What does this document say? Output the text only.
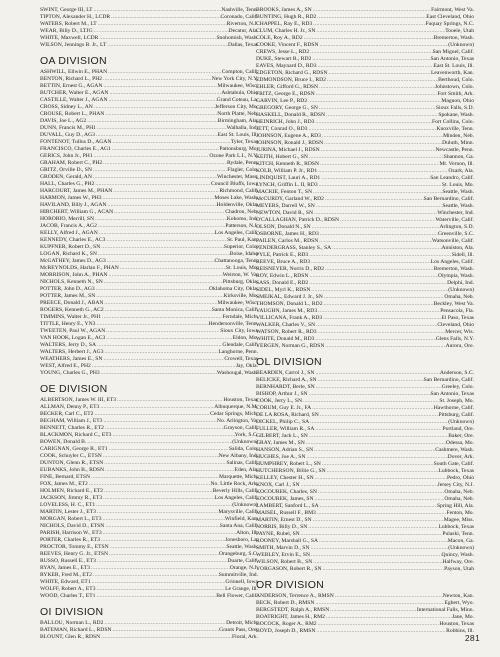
SWINT, George III, LT .....	Nashville, Tenn.
TIPTON, Alexander H., LCDR .....	Coronado, Calif.
WATERS, Robert M., LT .....	Riverton, N.J.
WEAR, Billy D., LTJG .....	Decatur, Ala.
WHITE, Maxwell, LCDR .....	Snohomish, Wash.
WILSON, Jennings B. Jr., LT .....	Dallas, Texas
OA DIVISION
ASHWILL, Ellwin E., PHAN .....	Compton, Calif.
BENTON, Richard L., PH2 .....	New York City, N.Y.
BETTIN, Ernest G., AGAN .....	Milwaukee, Wisc.
BUTCHER, Walter E., AGAN .....	Ashtabula, Ohio
CASTILLE, Walter J., AGAN .....	Grand Coteau, La.
CROSS, Sidney L., AN .....	Jefferson City, Mo.
CROUSE, Robert L., PHAN .....	North Platte, Neb.
DAVIS, Joe L., AG2 .....	Birmingham, Ala.
DUNN, Francis M., PH1 .....	Walhalla, Ind.
DUVALL, Guy D., AG3 .....	East St. Louis, Ill.
FONTENOT, Tullus D., AGAN .....	Tyler, Texas
FRANCISCO, Charles E., AG1 .....	Pattonsburg, Mo.
GERICS, John Jr., PH1 .....	Ozone Park L.I., N.Y.
GRAHAM, Robert C., PH2 .....	Rydale, Penn.
GRITZ, Orville D., SN .....	Flagler, Colo.
GRODEN, Gerald, AN .....	Winchester, Mass.
HALL, Charles G., PH2 .....	Council Bluffs, Iowa
HARCOURT, James M., PHAN .....	Richmond, Calif.
HARMON, James W., PH3 .....	Moses Lake, Wash.
HAVILAND, Billy J., AGAN .....	Holdenville, Okla.
HIRCHERT, William G., ACAN .....	Chadron, Neb.
HORORIO, Merrill, SN .....	Kokomo, Ind.
JACOB, Francis A., AG2 .....	Patterson, N.J.
KELLY, Alfred J., AGAN .....	Los Angeles, Calif.
KENNEDY, Charles E., AC3 .....	St. Paul, Kan.
KUPFNER, Robert D., SN .....	Superior, Colo.
LOGAN, Richard K., SN .....	Boise, Idaho
McGATHEY, James D., AG3 .....	Chattanooga, Tenn.
McREYNOLDS, Harlan F., PHAN .....	St. Louis, Mo.
MORRISON, John A., PHAN .....	Weirton, W. Va.
NICHOLS, Kenneth N., SN .....	Pittsburg, Okla.
POTTER, John D., AG3 .....	Oklahoma City, Okla.
POTTER, James M., SN .....	Kirksville, Mo.
PREECE, Donald J., ABAN .....	Milwaukee, Wisc.
ROGERS, Kenneth G., AC2 .....	Santa Monica, Calif.
TIMMINS, Walter Jr., PH1 .....	Ferndale, Mich.
TITTLE, Henry E., YN3 .....	Hendersonville, Tenn.
TWEETEN, Paul W., AGAN .....	Sioux City, Iowa
VAN HOOK, Logan E., AC3 .....	Eldon, Mo.
WALTERS, Jerry D., SA .....	Glendale, Calif.
WALTERS, Herbert J., AG3 .....	Langhorne, Penn.
WEATHERS, James E., SN .....	Crowell, Texas
WEST, Alfred E., PH2 .....	Jay, Okla.
YOUNG, Charles G., PH3 .....	Washougal, Wash.
OE DIVISION
ALBERTSON, James W. III, ET3 .....	Houston, Texas
ALLMAN, Denny P., ET3 .....	Albuquerque, N.M.
BECKER, Carl C., ET2 .....	Cedar Springs, Mich.
BEGHAM, William J., ET3 .....	No. Arlington, Va.
BENNETT, Charles R., ET2 .....	Grayson, Calif.
BLACKMON, Richard C., ET3 .....	York, S.C.
BOWEN, Donald B. .....	(Unknown)
CARIGNAN, George R., ET1 .....	Salida, Colo.
COOK, Schuyler C., ETSN .....	New Albany, Ind.
DUNTON, Glenn R., ETSN .....	Salinas, Calif.
EUBANKS, John B., RDSN .....	Eden, Ala.
FINE, Bernard, ETSN .....	Marquette, Mich.
FOX, James M., ET2 .....	No. Little Rock, Ark.
HOLMEN, Richard E., ET2 .....	Beverly Hills, Calif.
JACKSON, Jimmy R., ET3 .....	Los Angeles, Calif.
LOVELESS, H. C., ET1 .....	(Unknown)
MARTIN, Lester J., ET3 .....	Marysville, Calif.
MORGAN, Robert L., ET3 .....	Winfield, Kan.
NICHOLS, David D., ETSN .....	Santa Ana, Calif.
PARISH, Harrison W., ET3 .....	Alton, Ill.
PORTER, Charles R., ET3 .....	Jonesboro, La.
PROCTOR, Tommy E., ETSN .....	Seattle, Wash.
REEVES, Henry G. Jr., ETSN .....	Orangeburg, S.C.
RUSSO, Russell E., ET3 .....	Duarte, Calif.
RYAN, James E., ET3 .....	Orange, N.J.
RYKER, Fred M., ET2 .....	Summitville, Ind.
WHITE, Edward, ET1 .....	Grinnell, Iowa
WOLFF, Robert A., ET3 .....	Le Grange, Ill.
WOOD, Charles T., ET1 .....	Bell Flower, Calif.
OI DIVISION
BALLOU, Norman L., RD2 .....	Detroit, Mich.
BATEMAN, Richard L., RDSN .....	Grants Pass, Ore.
BLOUNT, Glen R., RDSN .....	Floral, Ark.
BROOKS, James A., SN .....	Fairmont, West Va.
BUNTING, Hugh R., RD2 .....	East Cleveland, Ohio
CHAPPEL, Ray E., RD3 .....	Fuquay Springs, N.C.
CLUM, Charles H. Jr., SN .....	Tooele, Utah
COLE, Roy A., RD2 .....	Bremerton, Wash.
COOKE, Vincent F., RDSN .....	(Unknown)
CREWS, Jesse L., RD2 .....	San Miguel, Calif.
DUKE, Stewart R., RD2 .....	San Antonio, Texas
EAVES, Maynard D., RD3 .....	East St. Louis, Ill.
EDGETON, Richard G., RDSN .....	Leavenworth, Kan.
EDMONDSON, Bruce I., RD2 .....	Berthoud, Colo.
EHLER, Gifford G., RDSN .....	Johnstown, Colo.
FRITZ, George E., RDSN .....	Fort Smith, Ark.
GARVIN, Lee P., RD2 .....	Maguon, Ohio
GREGORY, George G., SN .....	Sioux Falls, S.D.
HASKELL, Donald R., RDSN .....	Spokane, Wash.
HEINRICH, John J., RD3 .....	Fort Collins, Colo.
JETT, Conrad O., RD3 .....	Knoxville, Tenn.
JOHNSON, Eugene A., RD3 .....	Minden, Neb.
JOHNSON, Ronald J., RDSN .....	Duluth, Minn.
JURINA, Michael J., RDSN .....	Newcastle, Penn.
KEITH, Hobert G., SN .....	Shannon, Ga.
KITCH, Kenneth R., RDSN .....	Mt. Vernon, Ill.
KOLB, William P. Jr., RD1 .....	Ozark, Ala.
LINDQUIST, Lauri A., RD1 .....	San Leandro, Calif.
LYNCH, Griffin L. II, RD3 .....	St. Louis, Mo.
MACKIE, Fenton T., SN .....	Seattle, Wash.
McCURDY, Garland W., RD2 .....	San Bernardino, Calif.
MEYERS, Darrell W., SN .....	Seattle, Wash.
NEWTON, David R., SN .....	Winchester, Ind.
O'CALLAGHAN, Patrick D., RDSN .....	Waterville, Calif.
OLSON, Donald N., SN .....	Arlington, S.D.
OSBORNE, James H., RD3 .....	Greenville, S.C.
PAILEN, Carlos M., RDSN .....	Watsonville, Calif.
PENDERGRASS, Stanley S., SA .....	Anniston, Ala.
PYLE, Patrick E., RD3 .....	Sidell, Ill.
REEVE, Bruce A., RD3 .....	Los Angeles, Calif.
REISNEYER, Norris D., RD2 .....	Bremerton, Wash.
ROY, Edwin L., RDSN .....	Olympia, Wash.
SASS, Donald E., RD2 .....	Delphi, Ind.
SIDEL, Myrl K., RDSN .....	(Unknown)
SMEJKAL, Edward J. Jr., SN .....	Omaha, Neb.
THOMSON, Donald L., RD2 .....	Beckley, West Va.
VAUGHN, James M., RD3 .....	Pensacola, Fla.
VILLICANA, Frank A., RD3 .....	El Paso, Texas
WALKER, Charles V., SN .....	Cleveland, Ohio
WATSON, Robert R., RD3 .....	Mercer, Wis.
WHITE, Donald M., RD3 .....	Glens Falls, N.Y.
YERGEN, Norman G., RDSN .....	Aurora, Ore.
OL DIVISION
BEARDEN, Carrol J., SN .....	Anderson, S.C.
BELICKE, Richard A., SN .....	San Bernardino, Calif.
BERNHARDT, Berle, SN .....	Greeley, Colo.
BISHOP, Arthur J., SN .....	San Antonio, Texas
COOK, Jerry L., SN .....	St. Joseph, Mo.
CORUM, Guy E. Jr., FA .....	Hawthorne, Calif.
DE LA ROSA, Richard, SN .....	Pittsburg, Calif.
DICKEL, Philip C., SA .....	(Unknown)
FULLER, William R., SA .....	Portland, Ore.
GILBERT, Jack L., SN .....	Baker, Ore.
GRAY, James M., SN .....	Odessa, Mo.
HANSON, Adrian S., SN .....	Cashmere, Wash.
HUGHES, Joe A., SN .....	Dover, Ark.
HUMPHREY, Robert L., SN .....	South Gate, Calif.
HUTCHERSON, Billie G., SN .....	Lubbock, Texas
KELLEY, Chester H., SN .....	Pedro, Ohio
KNOX, Carl J., SN .....	Jersey City, N.J.
KOCOUREK, Charles, SN .....	Omaha, Neb.
KOCOUREK, James, SN .....	Omaha, Neb.
LAMBERT, Sanford L., SA .....	Spring Hill, Ala.
MAISEL, Russell F., BM3 .....	Fenton, Mo.
MARTIN, Ernest D., SN .....	Magee, Miss.
NORRIS, Billy D., SN .....	Lubbock, Texas
PAYNE, Rubel, SN .....	Pulaski, Tenn.
ROONEY, Marshall G., SA .....	Macon, Ga.
SMITH, Marvin D., SN .....	(Unknown)
WEBLEY, Ervin E., SN .....	Quincy, Wash.
WILSON, Robert B., SN .....	Halfway, Ore.
YORGASON, Robert R., SN .....	Payson, Utah
OR DIVISION
ANDERSON, Terrence A., RMSN .....	Newton, Kan.
BECK, Robert D., RMSN .....	Egbert, Wyo.
BERGSTEDT, Ralph A., RMSN .....	International Falls, Minn.
BOATRIGHT, James H., RM2 .....	Jane, Mo.
BOCOCK, Roger A., RM2 .....	Houston, Texas
BOYD, Joseph D., RMSN .....	Robbins, Ill.
281
